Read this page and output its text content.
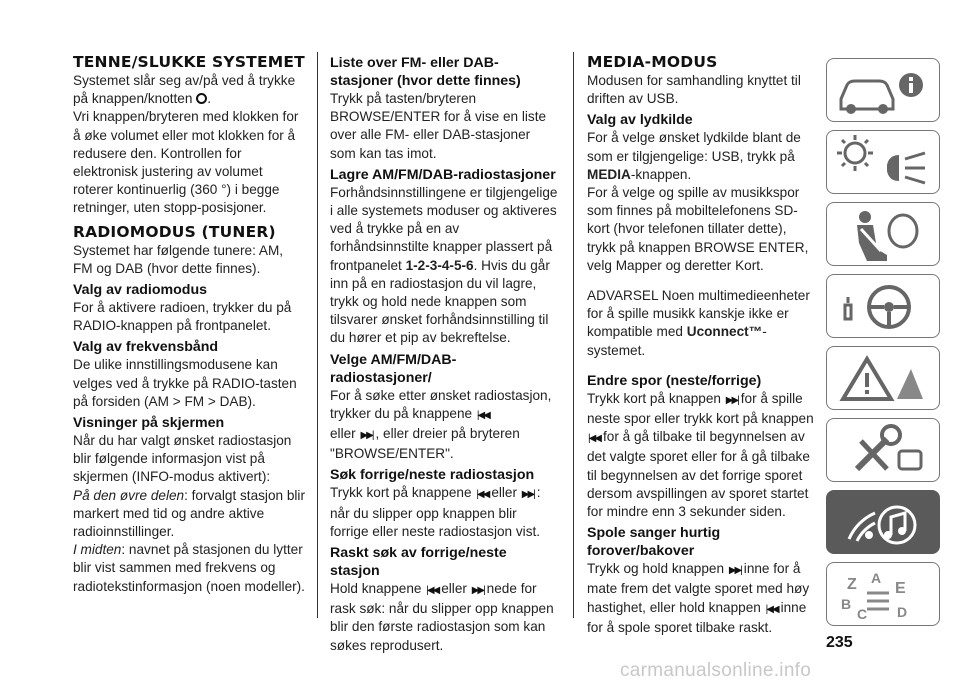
TENNE/SLUKKE SYSTEMET

Systemet slår seg av/på ved å trykke på knappen/knotten .

Vri knappen/bryteren med klokken for å øke volumet eller mot klokken for å redusere den. Kontrollen for elektronisk justering av volumet roterer kontinuerlig (360 °) i begge retninger, uten stopp-posisjoner.

RADIOMODUS (TUNER)

Systemet har følgende tunere: AM, FM og DAB (hvor dette finnes).

Valg av radiomodus

For å aktivere radioen, trykker du på RADIO-knappen på frontpanelet.

Valg av frekvensbånd

De ulike innstillingsmodusene kan velges ved å trykke på RADIO-tasten på forsiden (AM > FM > DAB).

Visninger på skjermen

Når du har valgt ønsket radiostasjon blir følgende informasjon vist på skjermen (INFO-modus aktivert):

På den øvre delen: forvalgt stasjon blir markert med tid og andre aktive radioinnstillinger.

I midten: navnet på stasjonen du lytter blir vist sammen med frekvens og radiotekstinformasjon (noen modeller).

Liste over FM- eller DAB-stasjoner (hvor dette finnes)

Trykk på tasten/bryteren BROWSE/ENTER for å vise en liste over alle FM- eller DAB-stasjoner som kan tas imot.

Lagre AM/FM/DAB-radiostasjoner

Forhåndsinnstillingene er tilgjengelige i alle systemets moduser og aktiveres ved å trykke på en av forhåndsinnstilte knapper plassert på frontpanelet 1-2-3-4-5-6. Hvis du går inn på en radiostasjon du vil lagre, trykk og hold nede knappen som tilsvarer ønsket forhåndsinnstilling til du hører et pip av bekreftelse.

Velge AM/FM/DAB-radiostasjoner/

For å søke etter ønsket radiostasjon, trykker du på knappene |◀◀

eller ▶▶| , eller dreier på bryteren "BROWSE/ENTER".

Søk forrige/neste radiostasjon

Trykk kort på knappene |◀◀ eller ▶▶| : når du slipper opp knappen blir forrige eller neste radiostasjon vist.

Raskt søk av forrige/neste stasjon

Hold knappene |◀◀ eller ▶▶| nede for rask søk: når du slipper opp knappen blir den første radiostasjon som kan søkes reprodusert.

MEDIA-MODUS

Modusen for samhandling knyttet til driften av USB.

Valg av lydkilde

For å velge ønsket lydkilde blant de som er tilgjengelige: USB, trykk på MEDIA-knappen.

For å velge og spille av musikkspor som finnes på mobiltelefonens SD-kort (hvor telefonen tillater dette), trykk på knappen BROWSE ENTER, velg Mapper og deretter Kort.

ADVARSEL Noen multimedieenheter for å spille musikk kanskje ikke er kompatible med Uconnect™-systemet.

Endre spor (neste/forrige)

Trykk kort på knappen ▶▶| for å spille neste spor eller trykk kort på knappen |◀◀ for å gå tilbake til begynnelsen av det valgte sporet eller for å gå tilbake til begynnelsen av det forrige sporet dersom avspillingen av sporet startet for mindre enn 3 sekunder siden.

Spole sanger hurtig forover/bakover

Trykk og hold knappen ▶▶| inne for å mate frem det valgte sporet med høy hastighet, eller hold knappen |◀◀ inne for å spole sporet tilbake raskt.

Z A
B
C
E
D
235
carmanualsonline.info
